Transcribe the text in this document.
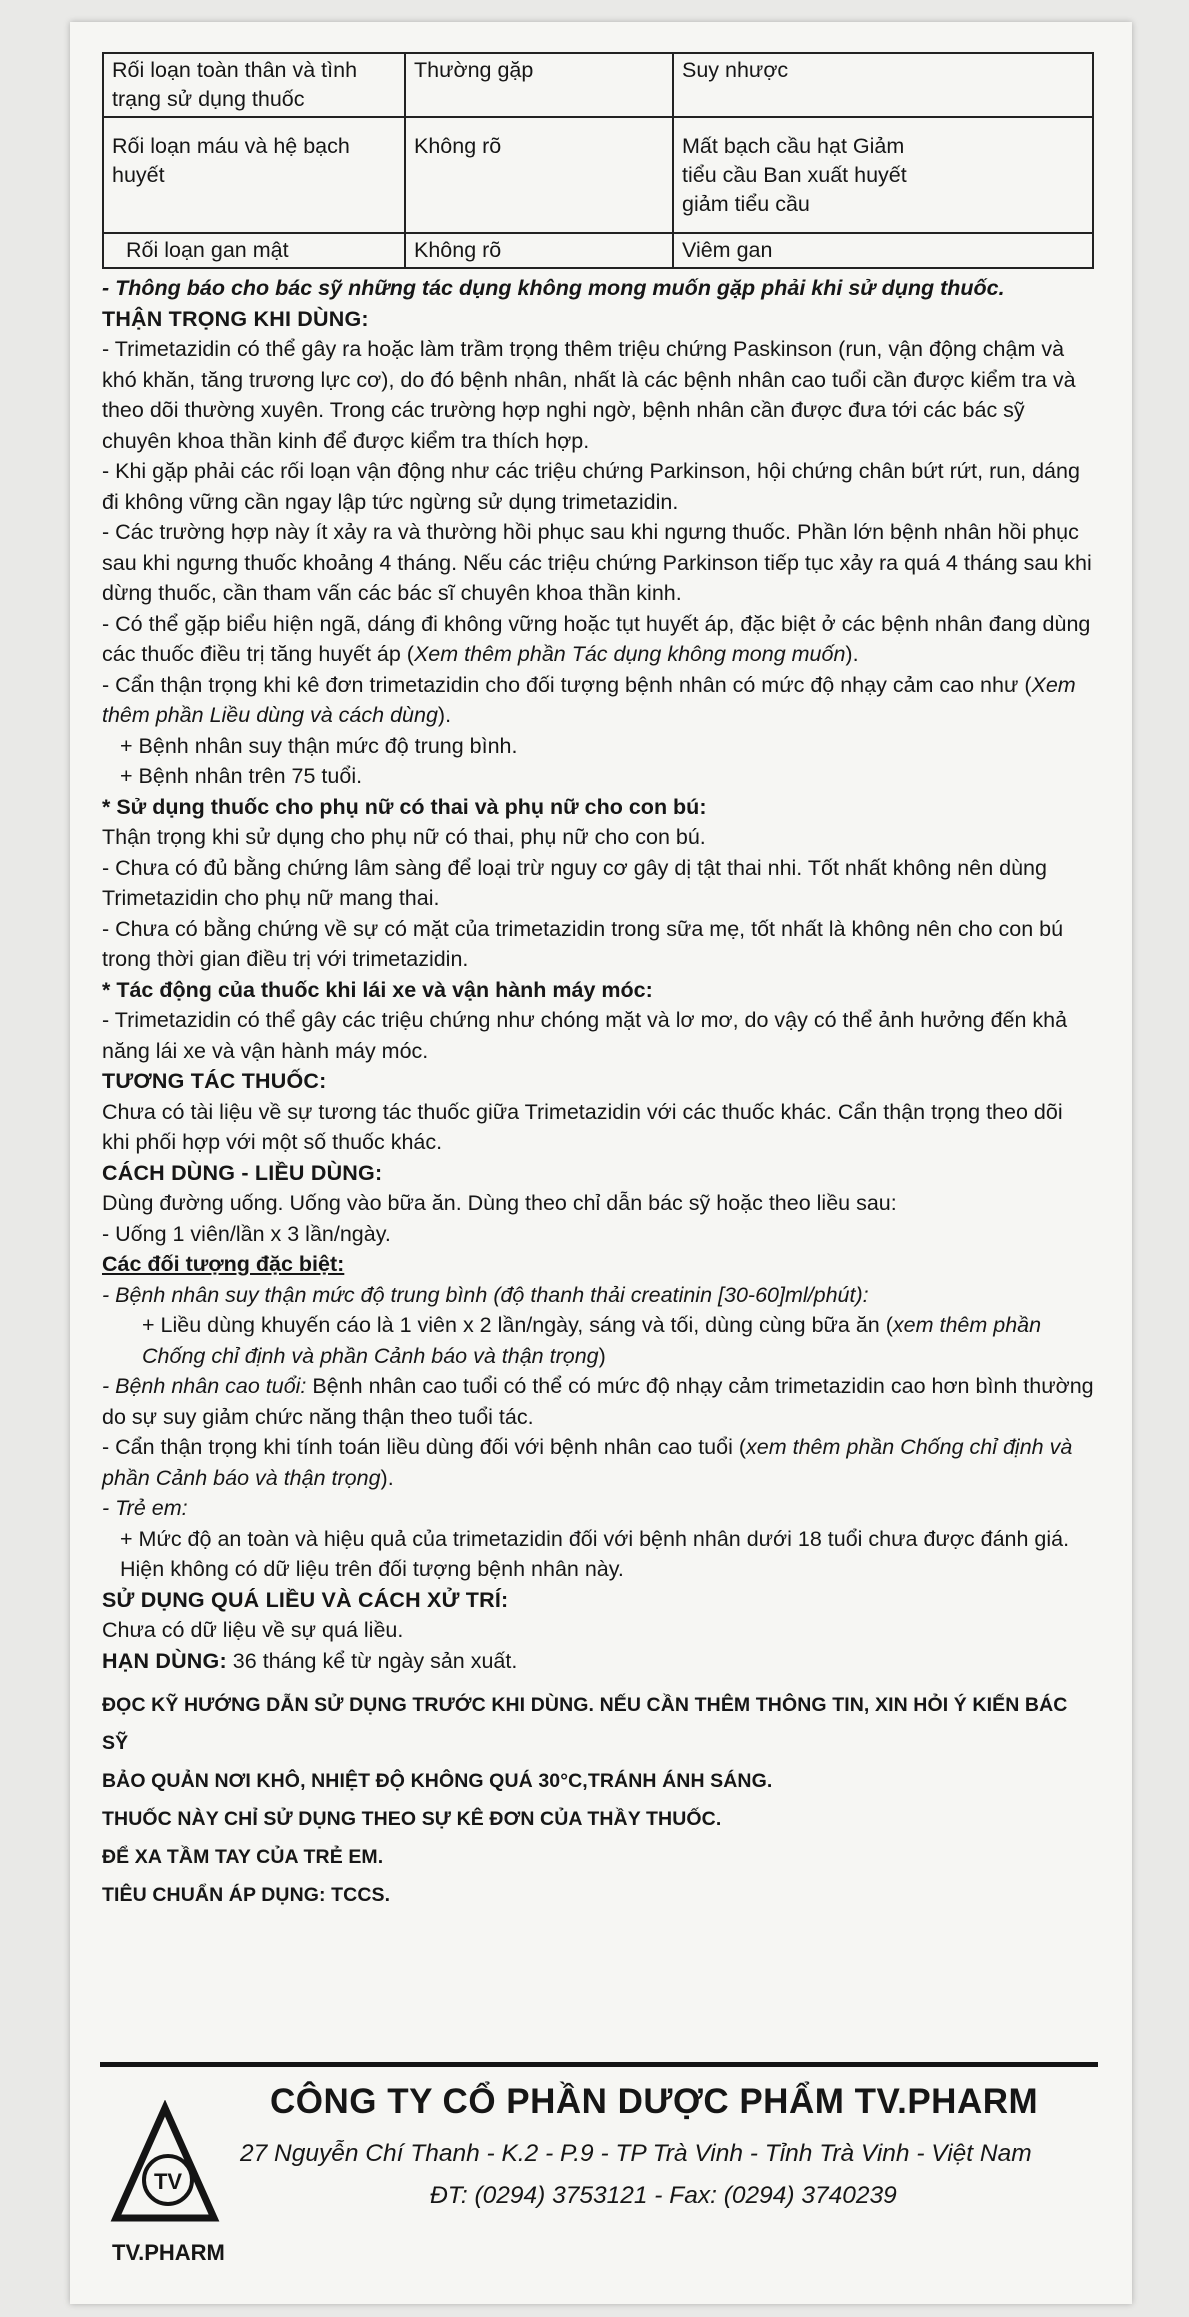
Rối loạn toàn thân và tình trạng sử dụng thuốc	Thường gặp	Suy nhược
Rối loạn máu và hệ bạch huyết	Không rõ	Mất bạch cầu hạt Giảm tiểu cầu Ban xuất huyết giảm tiểu cầu

Rối loạn gan mật	Không rõ	Viêm gan

- Thông báo cho bác sỹ những tác dụng không mong muốn gặp phải khi sử dụng thuốc.

THẬN TRỌNG KHI DÙNG:

- Trimetazidin có thể gây ra hoặc làm trầm trọng thêm triệu chứng Paskinson (run, vận động chậm và khó khăn, tăng trương lực cơ), do đó bệnh nhân, nhất là các bệnh nhân cao tuổi cần được kiểm tra và theo dõi thường xuyên. Trong các trường hợp nghi ngờ, bệnh nhân cần được đưa tới các bác sỹ chuyên khoa thần kinh để được kiểm tra thích hợp.

- Khi gặp phải các rối loạn vận động như các triệu chứng Parkinson, hội chứng chân bứt rứt, run, dáng đi không vững cần ngay lập tức ngừng sử dụng trimetazidin.

- Các trường hợp này ít xảy ra và thường hồi phục sau khi ngưng thuốc. Phần lớn bệnh nhân hồi phục sau khi ngưng thuốc khoảng 4 tháng. Nếu các triệu chứng Parkinson tiếp tục xảy ra quá 4 tháng sau khi dừng thuốc, cần tham vấn các bác sĩ chuyên khoa thần kinh.

- Có thể gặp biểu hiện ngã, dáng đi không vững hoặc tụt huyết áp, đặc biệt ở các bệnh nhân đang dùng các thuốc điều trị tăng huyết áp (Xem thêm phần Tác dụng không mong muốn).

- Cẩn thận trọng khi kê đơn trimetazidin cho đối tượng bệnh nhân có mức độ nhạy cảm cao như (Xem thêm phần Liều dùng và cách dùng).

+ Bệnh nhân suy thận mức độ trung bình.

+ Bệnh nhân trên 75 tuổi.

* Sử dụng thuốc cho phụ nữ có thai và phụ nữ cho con bú:

Thận trọng khi sử dụng cho phụ nữ có thai, phụ nữ cho con bú.

- Chưa có đủ bằng chứng lâm sàng để loại trừ nguy cơ gây dị tật thai nhi. Tốt nhất không nên dùng Trimetazidin cho phụ nữ mang thai.

- Chưa có bằng chứng về sự có mặt của trimetazidin trong sữa mẹ, tốt nhất là không nên cho con bú trong thời gian điều trị với trimetazidin.

* Tác động của thuốc khi lái xe và vận hành máy móc:

- Trimetazidin có thể gây các triệu chứng như chóng mặt và lơ mơ, do vậy có thể ảnh hưởng đến khả năng lái xe và vận hành máy móc.

TƯƠNG TÁC THUỐC:

Chưa có tài liệu về sự tương tác thuốc giữa Trimetazidin với các thuốc khác. Cẩn thận trọng theo dõi khi phối hợp với một số thuốc khác.

CÁCH DÙNG - LIỀU DÙNG:

Dùng đường uống. Uống vào bữa ăn. Dùng theo chỉ dẫn bác sỹ hoặc theo liều sau:

- Uống 1 viên/lần x 3 lần/ngày.

Các đối tượng đặc biệt:

- Bệnh nhân suy thận mức độ trung bình (độ thanh thải creatinin [30-60]ml/phút):

+ Liều dùng khuyến cáo là 1 viên x 2 lần/ngày, sáng và tối, dùng cùng bữa ăn (xem thêm phần Chống chỉ định và phần Cảnh báo và thận trọng)

- Bệnh nhân cao tuổi: Bệnh nhân cao tuổi có thể có mức độ nhạy cảm trimetazidin cao hơn bình thường do sự suy giảm chức năng thận theo tuổi tác.

- Cẩn thận trọng khi tính toán liều dùng đối với bệnh nhân cao tuổi (xem thêm phần Chống chỉ định và phần Cảnh báo và thận trọng).

- Trẻ em:

+ Mức độ an toàn và hiệu quả của trimetazidin đối với bệnh nhân dưới 18 tuổi chưa được đánh giá. Hiện không có dữ liệu trên đối tượng bệnh nhân này.

SỬ DỤNG QUÁ LIỀU VÀ CÁCH XỬ TRÍ:

Chưa có dữ liệu về sự quá liều.

HẠN DÙNG: 36 tháng kể từ ngày sản xuất.

ĐỌC KỸ HƯỚNG DẪN SỬ DỤNG TRƯỚC KHI DÙNG. NẾU CẦN THÊM THÔNG TIN, XIN HỎI Ý KIẾN BÁC SỸ

BẢO QUẢN NƠI KHÔ, NHIỆT ĐỘ KHÔNG QUÁ 30°C,TRÁNH ÁNH SÁNG.

THUỐC NÀY CHỈ SỬ DỤNG THEO SỰ KÊ ĐƠN CỦA THẦY THUỐC.

ĐỂ XA TẦM TAY CỦA TRẺ EM.

TIÊU CHUẨN ÁP DỤNG: TCCS.

TV
TV.PHARM
CÔNG TY CỔ PHẦN DƯỢC PHẨM TV.PHARM
27 Nguyễn Chí Thanh - K.2 - P.9 - TP Trà Vinh - Tỉnh Trà Vinh - Việt Nam
ĐT: (0294) 3753121 - Fax: (0294) 3740239
